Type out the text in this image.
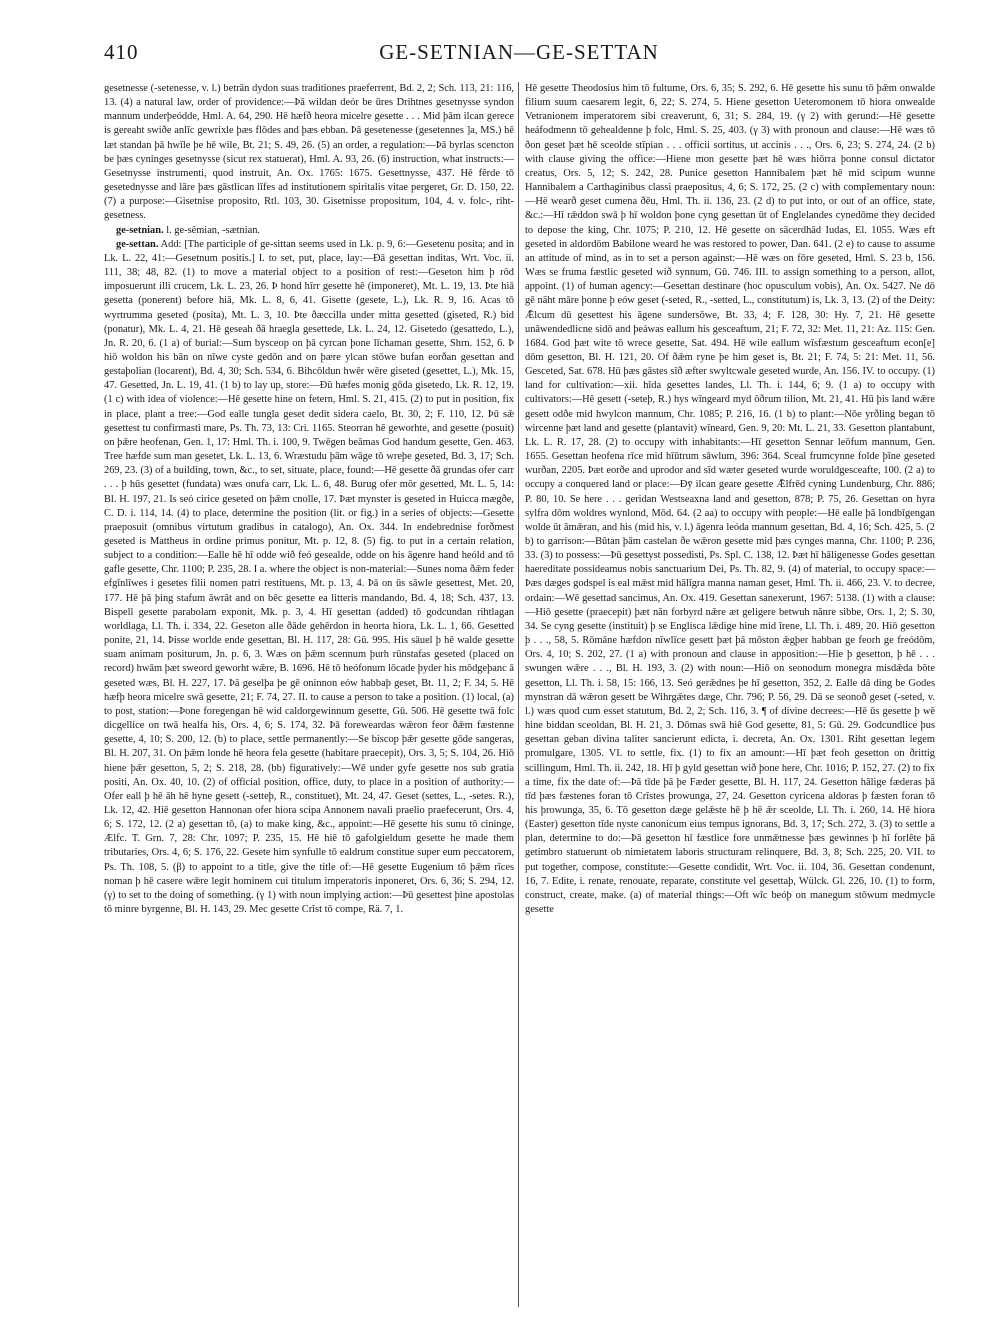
GE-SETNIAN—GE-SETTAN
410

gesetnesse (-setenesse, v. l.) betrān dydon suas traditiones praeferrent, Bd. 2, 2; Sch. 113, 21: 116, 13. (4) a natural law, order of providence:—Þā wildan deór be ūres Drihtnes gesetnysse syndon mannum underþeódde, Hml. A. 64, 290. Hē hæfð heora micelre gesette . . . Mid þām ilcan gerece is gereaht swiðe anlīc gewrixle þæs flōdes and þæs ebban. Þā gesetenesse (gesetennes ]a, MS.) hē læt standan þā hwīle þe hē wile, Bt. 21; S. 49, 26. (5) an order, a regulation:—Þā byrlas scencton be þæs cyninges gesetnysse (sicut rex statuerat), Hml. A. 93, 26. (6) instruction, what instructs:—Gesetnysse instrumenti, quod instruit, An. Ox. 1765: 1675. Gesettnysse, 437. Hē fērde tō gesetednysse and lāre þæs gāstlican līfes ad institutionem spiritalis vitae pergeret, Gr. D. 150, 22. (7) a purpose:—Gisetnise proposito, Rtl. 103, 30. Gisetnisse propositum, 104, 4. v. folc-, riht-gesetness.

ge-setnian. l. ge-sēmian, -sætnian.

ge-settan. Add: [The participle of ge-sittan seems used in Lk. p. 9, 6:—Gesetenu posita; and in Lk. L. 22, 41:—Gesetnum positis.] I. to set, put, place, lay:—Ðā gesettan inditas, Wrt. Voc. ii. 111, 38; 48, 82. (1) to move a material object to a position of rest:—Geseton him þ rōd imposuerunt illi crucem, Lk. L. 23, 26. Þ hond hīrr gesette hē (imponeret), Mt. L. 19, 13. Þte hiā gesetta (ponerent) before hiā, Mk. L. 8, 6, 41. Gisette (gesete, L.), Lk. R. 9, 16. Acas tō wyrtrumma geseted (posita), Mt. L. 3, 10. Þte ðæccilla under mitta gesetted (giseted, R.) bid (ponatur), Mk. L. 4, 21. Hē geseah ðā hraegla gesettede, Lk. L. 24, 12. Gisetedo (gesattedo, L.), Jn. R. 20, 6. (1 a) of burial:—Sum bysceop on þā cyrcan þone līchaman gesette, Shrn. 152, 6. Þ hiō woldon his bān on nīwe cyste gedōn and on þære ylcan stōwe bufan eorðan gesettan and gestaþolian (locarent), Bd. 4, 30; Sch. 534, 6. Bihcōldun hwēr wēre giseted (gesettet, L.), Mk. 15, 47. Gesetted, Jn. L. 19, 41. (1 b) to lay up, store:—Ðū hæfes monig gōda gisetedo, Lk. R. 12, 19. (1 c) with idea of violence:—Hē gesette hine on fetern, Hml. S. 21, 415. (2) to put in position, fix in place, plant a tree:—God ealle tungla geset dedit sidera caelo, Bt. 30, 2; F. 110, 12. Þū sǣ gesettest tu confirmasti mare, Ps. Th. 73, 13: Cri. 1165. Steorran hē geworhte, and gesette (posuit) on þǣre heofenan, Gen. 1, 17: Hml. Th. i. 100, 9. Twēgen beāmas God handum gesette, Gen. 463. Tree hæfde sum man gesetet, Lk. L. 13, 6. Wræstudu þām wāge tō wreþe geseted, Bd. 3, 17; Sch. 269, 23. (3) of a building, town, &c., to set, situate, place, found:—Hē gesette ðā grundas ofer carr . . . þ hūs gesettet (fundata) wæs onufa carr, Lk. L. 6, 48. Burug ofer mōr gesetted, Mt. L. 5, 14: Bl. H. 197, 21. Is seó cirice geseted on þǣm cnolle, 17. Þæt mynster is geseted in Huicca mægðe, C. D. i. 114, 14. (4) to place, determine the position (lit. or fig.) in a series of objects:—Gesette praeposuit (omnibus virtutum gradibus in catalogo), An. Ox. 344. In endebrednise forðmest geseted is Mattheus in ordine primus ponitur, Mt. p. 12, 8. (5) fig. to put in a certain relation, subject to a condition:—Ealle hē hī odde wið feó gesealde, odde on his āgenre hand heóld and tō gafle gesette, Chr. 1100; P. 235, 28. I a. where the object is non-material:—Sunes noma ðǣm feder efgīnlīwes i gesetes filii nomen patri restituens, Mt. p. 13, 4. Þā on ūs sāwle gesettest, Met. 20, 177. Hē þā þing stafum āwrāt and on bēc gesette ea litteris mandando, Bd. 4, 18; Sch. 437, 13. Bispell gesette parabolam exponit, Mk. p. 3, 4. Hī gesettan (added) tō godcundan rihtlagan worldlaga, Ll. Th. i. 334, 22. Geseton alle ðāde gehērdon in heorta hiora, Lk. L. 1, 66. Gesetted ponite, 21, 14. Þisse worlde ende gesettan, Bl. H. 117, 28: Gū. 995. His sāuel þ hē walde gesette suam animam positurum, Jn. p. 6, 3. Wæs on þǣm scennum þurh rūnstafas geseted (placed on record) hwām þæt sweord geworht wǣre, B. 1696. Hē tō heófonum lōcade þyder his mōdgeþanc ā geseted wæs, Bl. H. 227, 17. Þā geselþa þe gē oninnon eów habbaþ geset, Bt. 11, 2; F. 34, 5. Hē hæfþ heora micelre swā gesette, 21; F. 74, 27. II. to cause a person to take a position. (1) local, (a) to post, station:—Þone foregengan hē wid caldorgewinnum gesette, Gū. 506. Hē gesette twā folc dicgellice on twā healfa his, Ors. 4, 6; S. 174, 32. Þā foreweardas wǣron feor ðǣm fæstenne gesette, 4, 10; S. 200, 12. (b) to place, settle permanently:—Se biscop þǣr gesette gōde sangeras, Bl. H. 207, 31. On þǣm londe hē heora fela gesette (habitare praecepit), Ors. 3, 5; S. 104, 26. Hiō hiene þǣr gesetton, 5, 2; S. 218, 28. (bb) figuratively:—Wē under gyfe gesette nos sub gratia positi, An. Ox. 40, 10. (2) of official position, office, duty, to place in a position of authority:—Ofer eall þ hē āh hē hyne gesett (-setteþ, R., constituet), Mt. 24, 47. Geset (settes, L., -setes. R.), Lk. 12, 42. Hiē gesetton Hannonan ofer hiora scipa Annonem navali praelio praefecerunt, Ors. 4, 6; S. 172, 12. (2 a) gesettan tō, (a) to make king, &c., appoint:—Hē gesette his sunu tō cininge, Ælfc. T. Grn. 7, 28: Chr. 1097; P. 235, 15. Hē hiē tō gafolgieldum gesette he made them tributaries, Ors. 4, 6; S. 176, 22. Gesete him synfulle tō ealdrum constitue super eum peccatorem, Ps. Th. 108, 5. (β) to appoint to a title, give the title of:—Hē gesette Eugenium tō þǣm rīces noman þ hē casere wǣre legit hominem cui titulum imperatoris inponeret, Ors. 6, 36; S. 294, 12. (γ) to set to the doing of something. (γ 1) with noun implying action:—Þū gesettest þine apostolas tō minre byrgenne, Bl. H. 143, 29. Mec gesette Crīst tō compe, Rä. 7, 1.

Hē gesette Theodosius him tō fultume, Ors. 6, 35; S. 292, 6. Hē gesette his sunu tō þǣm onwalde filium suum caesarem legit, 6, 22; S. 274, 5. Hiene gesetton Ueteromonem tō hiora onwealde Vetranionem imperatorem sibi creaverunt, 6, 31; S. 284, 19. (γ 2) with gerund:—Hē gesette heáfodmenn tō gehealdenne þ folc, Hml. S. 25, 403. (γ 3) with pronoun and clause:—Hē wæs tō ðon geset þæt hē sceolde stīpian . . . officii sortitus, ut accinis . . ., Ors. 6, 23; S. 274, 24. (2 b) with clause giving the office:—Hiene mon gesette þæt hē wæs hiōrra þonne consul dictator creatus, Ors. 5, 12; S. 242, 28. Punice gesetton Hannibalem þæt hē mid scipum wunne Hannibalem a Carthaginibus classi praepositus, 4, 6; S. 172, 25. (2 c) with complementary noun:—Hē wearð geset cumena ðēu, Hml. Th. ii. 136, 23. (2 d) to put into, or out of an office, state, &c.:—Hī rǣddon swā þ hī woldon þone cyng gesettan ūt of Englelandes cynedōme they decided to depose the king, Chr. 1075; P. 210, 12. Hē gesette on sācerdhād Iudas, El. 1055. Wæs eft geseted in aldordōm Babilone weard he was restored to power, Dan. 641. (2 e) to cause to assume an attitude of mind, as in to set a person against:—Hē wæs on fōre geseted, Hml. S. 23 b, 156. Wæs se fruma fæstlic geseted wið synnum, Gū. 746. III. to assign something to a person, allot, appoint. (1) of human agency:—Gesettan destinare (hoc opusculum vobis), An. Ox. 5427. Ne dō gē nāht māre þonne þ eów geset (-seted, R., -setted, L., constitutum) is, Lk. 3, 13. (2) of the Deity: Ǣlcum dū gesettest his āgene sundersōwe, Bt. 33, 4; F. 128, 30: Hy. 7, 21. Hē gesette unāwendedlicne sidō and þeáwas eallum his gesceaftum, 21; F. 72, 32: Met. 11, 21: Az. 115: Gen. 1684. God þæt wite tō wrece gesette, Sat. 494. Hē wile eallum wīsfæstum gesceaftum econ[e] dōm gesetton, Bl. H. 121, 20. Of ðǣm ryne þe him geset is, Bt. 21; F. 74, 5: 21: Met. 11, 56. Gesceted, Sat. 678. Hū þæs gāstes sīð æfter swyltcwale geseted wurde, An. 156. IV. to occupy. (1) land for cultivation:—xii. hīda gesettes landes, Ll. Th. i. 144, 6; 9. (1 a) to occupy with cultivators:—Hē gesett (-seteþ, R.) hys wīngeard myd ōðrum tilion, Mt. 21, 41. Hū þis land wǣre gesett odðe mid hwylcon mannum, Chr. 1085; P. 216, 16. (1 b) to plant:—Nōe yrðling began tō wircenne þæt land and gesette (plantavit) wīneard, Gen. 9, 20: Mt. L. 21, 33. Gesetton plantabunt, Lk. L. R. 17, 28. (2) to occupy with inhabitants:—Hī gesetton Sennar leōfum mannum, Gen. 1655. Gesettan heofena rīce mid hīūtrum sāwlum, 396: 364. Sceal frumcynne folde þīne geseted wurðan, 2205. Þæt eorðe and uprodor and sīd wæter geseted wurde woruldgesceafte, 100. (2 a) to occupy a conquered land or place:—Ðȳ ilcan geare gesette Ǣlfrēd cyning Lundenburg, Chr. 886; P. 80, 10. Se here . . . geridan Westseaxna land and gesetton, 878; P. 75, 26. Gesettan on hyra sylfra dōm woldres wynlond, Mōd. 64. (2 aa) to occupy with people:—Hē ealle þā londbīgengan wolde ūt āmǣran, and his (mid his, v. l.) āgenra leóda mannum gesettan, Bd. 4, 16; Sch. 425, 5. (2 b) to garrison:—Būtan þām castelan ðe wǣron gesette mid þæs cynges manna, Chr. 1100; P. 236, 33. (3) to possess:—Þū gesettyst possedisti, Ps. Spl. C. 138, 12. Þæt hī hāligenesse Godes gesettan haereditate possideamus nobis sanctuarium Dei, Ps. Th. 82, 9. (4) of material, to occupy space:—Þæs dæges godspel is eal mǣst mid hālīgra manna naman geset, Hml. Th. ii. 466, 23. V. to decree, ordain:—Wē gesettad sancimus, An. Ox. 419. Gesettan sanexerunt, 1967: 5138. (1) with a clause:—Hiō gesette (praecepit) þæt nān forbyrd nǣre æt geligere betwuh nānre sibbe, Ors. 1, 2; S. 30, 34. Se cyng gesette (instituit) þ se Englisca lǣdige hine mid īrene, Ll. Th. i. 489, 20. Hiō gesetton þ . . ., 58, 5. Rōmāne hæfdon nīwlīce gesett þæt þā mōston ǣgþer habban ge feorh ge freódōm, Ors. 4, 10; S. 202, 27. (1 a) with pronoun and clause in apposition:—Hie þ gesetton, þ hē . . . swungen wǣre . . ., Bl. H. 193, 3. (2) with noun:—Hiō on seonodum monegra misdǣda bōte gesetton, Ll. Th. i. 58, 15: 166, 13. Seó gerǣdnes þe hī gesetton, 352, 2. Ealle dā ding be Godes mynstran dā wǣron gesett be Wihrgǣtes dæge, Chr. 796; P. 56, 29. Dā se seonoð geset (-seted, v. l.) wæs quod cum esset statutum, Bd. 2, 2; Sch. 116, 3. ¶ of divine decrees:—Hē ūs gesette þ wē hine biddan sceoldan, Bl. H. 21, 3. Dōmas swā hiē God gesette, 81, 5: Gū. 29. Godcundlice þus gesettan geban divina taliter sancierunt edicta, i. decreta, An. Ox. 1301. Riht gesettan legem promulgare, 1305. VI. to settle, fix. (1) to fix an amount:—Hī þæt feoh gesetton on ðrittig scillingum, Hml. Th. ii. 242, 18. Hī þ gyld gesettan wið þone here, Chr. 1016; P. 152, 27. (2) to fix a time, fix the date of:—Þā tīde þā þe Fæder gesette, Bl. H. 117, 24. Gesetton hālige fæderas þā tīd þæs fæstenes foran tō Crīstes þrowunga, 27, 24. Gesetton cyricena aldoras þ fæsten foran tō his þrowunga, 35, 6. Tō gesetton dæge gelǣste hē þ hē ǣr sceolde, Ll. Th. i. 260, 14. Hē hiora (Easter) gesetton tīde nyste canonicum eius tempus ignorans, Bd. 3, 17; Sch. 272, 3. (3) to settle a plan, determine to do:—Þā gesetton hī fæstlice fore unmǣtnesse þæs gewinnes þ hī forlēte þā getimbro statuerunt ob nimietatem laboris structuram relinquere, Bd. 3, 8; Sch. 225, 20. VII. to put together, compose, constitute:—Gesette condidit, Wrt. Voc. ii. 104, 36. Gesettan condenunt, 16, 7. Edite, i. renate, renouate, reparate, constitute vel gesettaþ, Wülck. Gl. 226, 10. (1) to form, construct, create, make. (a) of material things:—Oft wīc beóþ on manegum stōwum medmycle gesette
